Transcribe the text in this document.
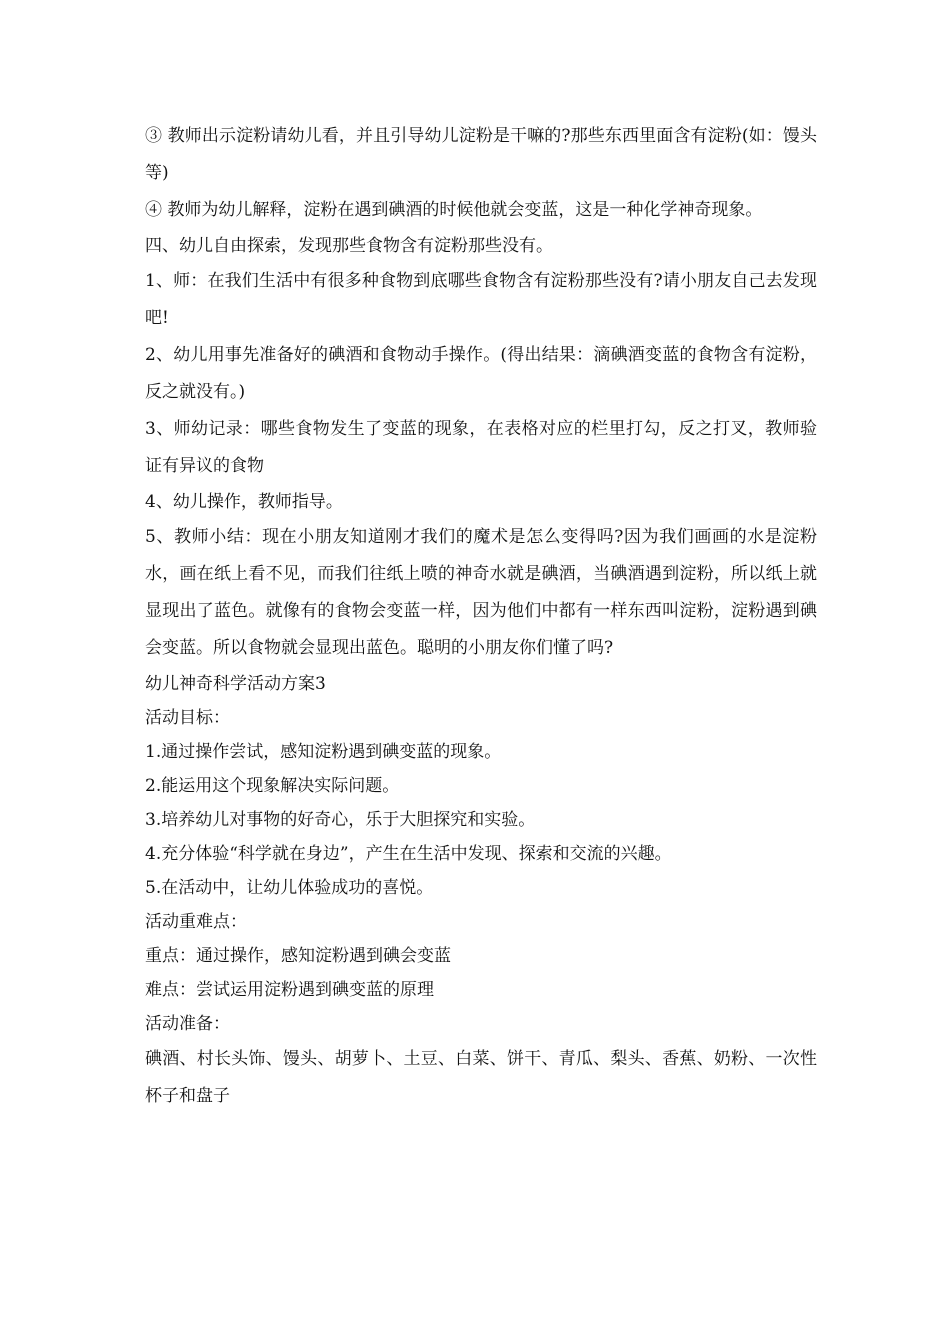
③ 教师出示淀粉请幼儿看，并且引导幼儿淀粉是干嘛的?那些东西里面含有淀粉(如：馒头等)

④ 教师为幼儿解释，淀粉在遇到碘酒的时候他就会变蓝，这是一种化学神奇现象。

四、幼儿自由探索，发现那些食物含有淀粉那些没有。

1、师：在我们生活中有很多种食物到底哪些食物含有淀粉那些没有?请小朋友自己去发现吧!

2、幼儿用事先准备好的碘酒和食物动手操作。(得出结果：滴碘酒变蓝的食物含有淀粉，反之就没有。)

3、师幼记录：哪些食物发生了变蓝的现象，在表格对应的栏里打勾，反之打叉，教师验证有异议的食物

4、幼儿操作，教师指导。

5、教师小结：现在小朋友知道刚才我们的魔术是怎么变得吗?因为我们画画的水是淀粉水，画在纸上看不见，而我们往纸上喷的神奇水就是碘酒，当碘酒遇到淀粉，所以纸上就显现出了蓝色。就像有的食物会变蓝一样，因为他们中都有一样东西叫淀粉，淀粉遇到碘会变蓝。所以食物就会显现出蓝色。聪明的小朋友你们懂了吗?

幼儿神奇科学活动方案3

活动目标：

1.通过操作尝试，感知淀粉遇到碘变蓝的现象。

2.能运用这个现象解决实际问题。

3.培养幼儿对事物的好奇心，乐于大胆探究和实验。

4.充分体验“科学就在身边”，产生在生活中发现、探索和交流的兴趣。

5.在活动中，让幼儿体验成功的喜悦。

活动重难点：

重点：通过操作，感知淀粉遇到碘会变蓝

难点：尝试运用淀粉遇到碘变蓝的原理

活动准备：

碘酒、村长头饰、馒头、胡萝卜、土豆、白菜、饼干、青瓜、梨头、香蕉、奶粉、一次性杯子和盘子
